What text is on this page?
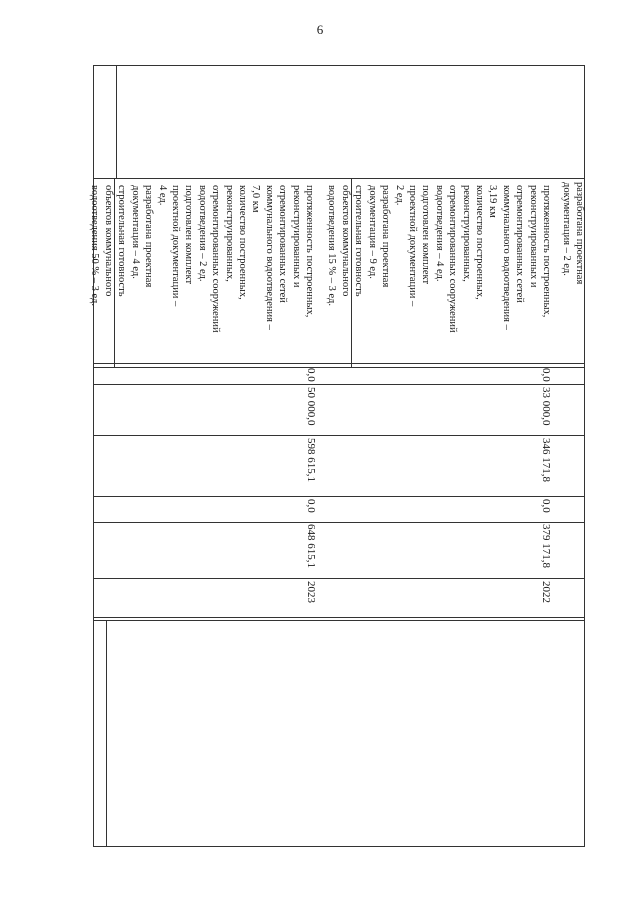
6
разработана проектная
документация – 2 ед.
протяженность построенных,
реконструированных и
отремонтированных сетей
коммунального водоотведения –
3,19 км
количество построенных,
реконструированных,
отремонтированных сооружений
водоотведения – 4 ед.
подготовлен комплект
проектной документации –
2 ед.
разработана проектная
документация – 9 ед.
строительная готовность
объектов коммунального
водоотведения 15 % – 3 ед.
2022
379 171,8
0,0
346 171,8
33 000,0
0,0
протяженность построенных,
реконструированных и
отремонтированных сетей
коммунального водоотведения –
7,0 км
количество построенных,
реконструированных,
отремонтированных сооружений
водоотведения – 2 ед.
подготовлен комплект
проектной документации –
4 ед.
разработана проектная
документация – 4 ед.
строительная готовность
объектов коммунального
водоотведения 50 % – 3 ед.
2023
648 615,1
0,0
598 615,1
50 000,0
0,0
